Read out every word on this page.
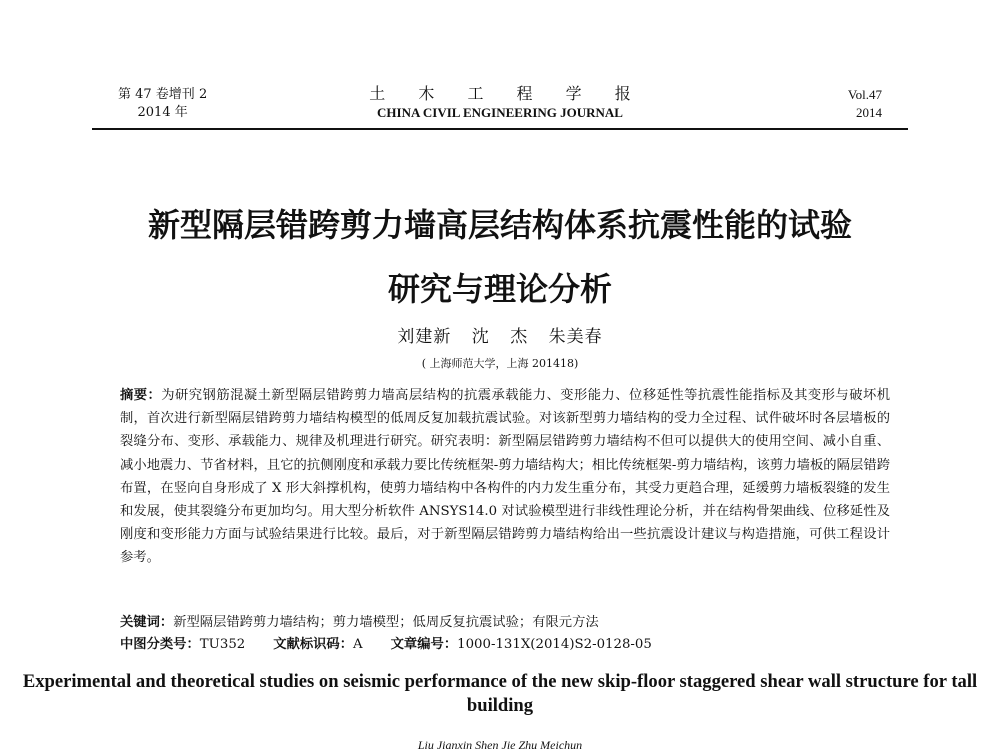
第 47 卷增刊 2
2014 年
土 木 工 程 学 报
CHINA CIVIL ENGINEERING JOURNAL
Vol.47
2014
新型隔层错跨剪力墙高层结构体系抗震性能的试验
研究与理论分析
刘建新 沈 杰 朱美春
( 上海师范大学，上海 201418)
摘要：为研究钢筋混凝土新型隔层错跨剪力墙高层结构的抗震承载能力、变形能力、位移延性等抗震性能指标及其变形与破坏机制，首次进行新型隔层错跨剪力墙结构模型的低周反复加载抗震试验。对该新型剪力墙结构的受力全过程、试件破坏时各层墙板的裂缝分布、变形、承载能力、规律及机理进行研究。研究表明：新型隔层错跨剪力墙结构不但可以提供大的使用空间、减小自重、减小地震力、节省材料，且它的抗侧刚度和承载力要比传统框架-剪力墙结构大；相比传统框架-剪力墙结构，该剪力墙板的隔层错跨布置，在竖向自身形成了 X 形大斜撑机构，使剪力墙结构中各构件的内力发生重分布，其受力更趋合理，延缓剪力墙板裂缝的发生和发展，使其裂缝分布更加均匀。用大型分析软件 ANSYS14.0 对试验模型进行非线性理论分析，并在结构骨架曲线、位移延性及刚度和变形能力方面与试验结果进行比较。最后，对于新型隔层错跨剪力墙结构给出一些抗震设计建议与构造措施，可供工程设计参考。
关键词：新型隔层错跨剪力墙结构；剪力墙模型；低周反复抗震试验；有限元方法
中图分类号：TU352 文献标识码：A 文章编号：1000-131X(2014)S2-0128-05
Experimental and theoretical studies on seismic performance of the new skip-floor staggered shear wall structure for tall building
Liu Jianxin Shen Jie Zhu Meichun
